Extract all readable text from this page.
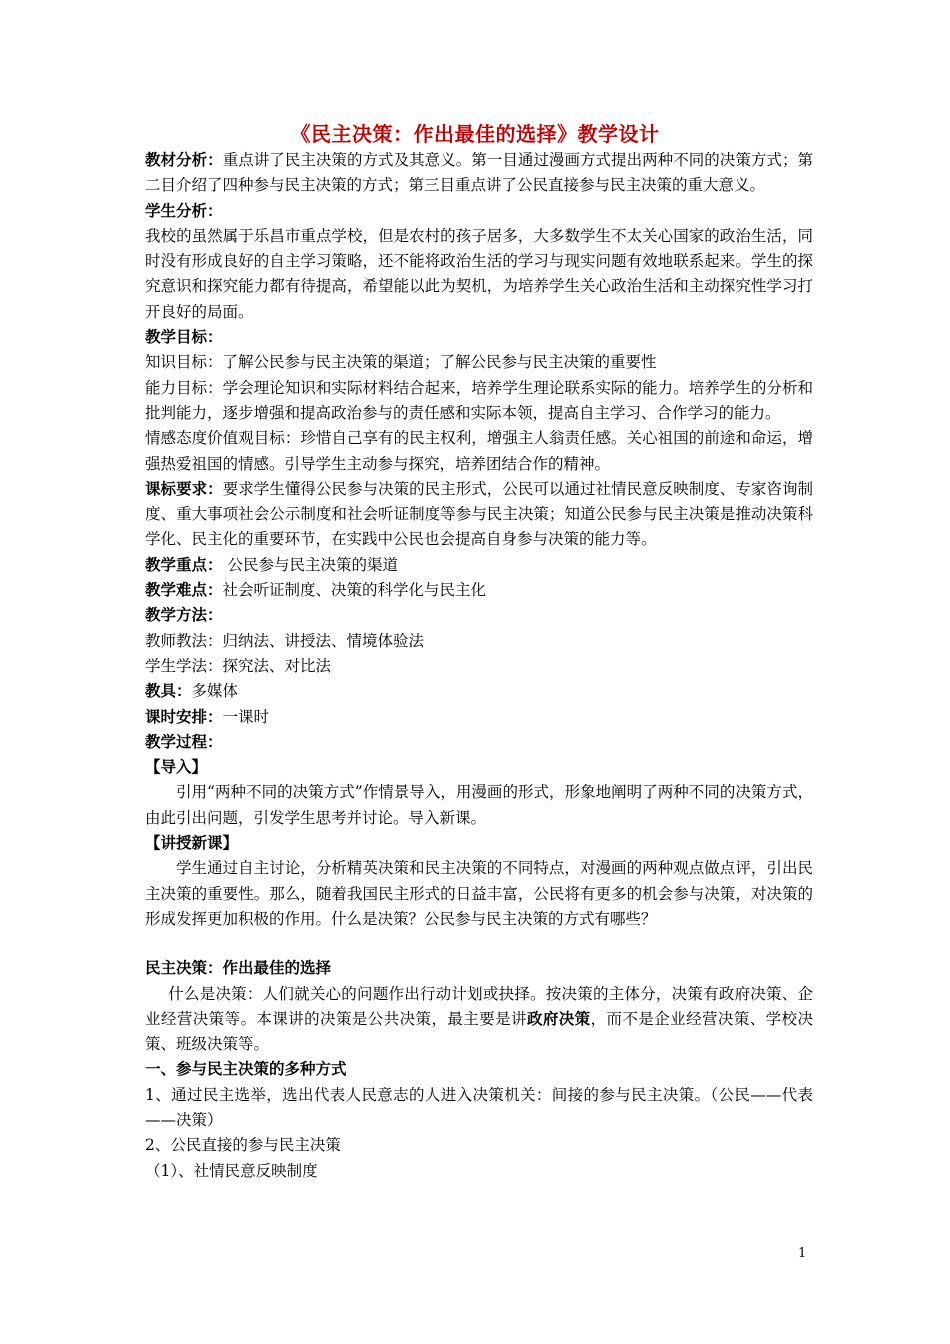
《民主决策：作出最佳的选择》教学设计

教材分析：重点讲了民主决策的方式及其意义。第一目通过漫画方式提出两种不同的决策方式；第二目介绍了四种参与民主决策的方式；第三目重点讲了公民直接参与民主决策的重大意义。

学生分析：

我校的虽然属于乐昌市重点学校，但是农村的孩子居多，大多数学生不太关心国家的政治生活，同时没有形成良好的自主学习策略，还不能将政治生活的学习与现实问题有效地联系起来。学生的探究意识和探究能力都有待提高，希望能以此为契机，为培养学生关心政治生活和主动探究性学习打开良好的局面。

教学目标：

知识目标：了解公民参与民主决策的渠道；了解公民参与民主决策的重要性

能力目标：学会理论知识和实际材料结合起来，培养学生理论联系实际的能力。培养学生的分析和批判能力，逐步增强和提高政治参与的责任感和实际本领，提高自主学习、合作学习的能力。

情感态度价值观目标：珍惜自己享有的民主权利，增强主人翁责任感。关心祖国的前途和命运，增强热爱祖国的情感。引导学生主动参与探究，培养团结合作的精神。

课标要求：要求学生懂得公民参与决策的民主形式，公民可以通过社情民意反映制度、专家咨询制度、重大事项社会公示制度和社会听证制度等参与民主决策；知道公民参与民主决策是推动决策科学化、民主化的重要环节，在实践中公民也会提高自身参与决策的能力等。

教学重点： 公民参与民主决策的渠道

教学难点：社会听证制度、决策的科学化与民主化

教学方法：

教师教法：归纳法、讲授法、情境体验法

学生学法：探究法、对比法

教具：多媒体

课时安排：一课时

教学过程：

【导入】

引用“两种不同的决策方式”作情景导入，用漫画的形式，形象地阐明了两种不同的决策方式，由此引出问题，引发学生思考并讨论。导入新课。

【讲授新课】

学生通过自主讨论，分析精英决策和民主决策的不同特点，对漫画的两种观点做点评，引出民主决策的重要性。那么，随着我国民主形式的日益丰富，公民将有更多的机会参与决策，对决策的形成发挥更加积极的作用。什么是决策？公民参与民主决策的方式有哪些？

民主决策：作出最佳的选择

什么是决策：人们就关心的问题作出行动计划或抉择。按决策的主体分，决策有政府决策、企业经营决策等。本课讲的决策是公共决策，最主要是讲政府决策，而不是企业经营决策、学校决策、班级决策等。

一、参与民主决策的多种方式

1、通过民主选举，选出代表人民意志的人进入决策机关：间接的参与民主决策。（公民——代表——决策）

2、公民直接的参与民主决策

（1）、社情民意反映制度

1
